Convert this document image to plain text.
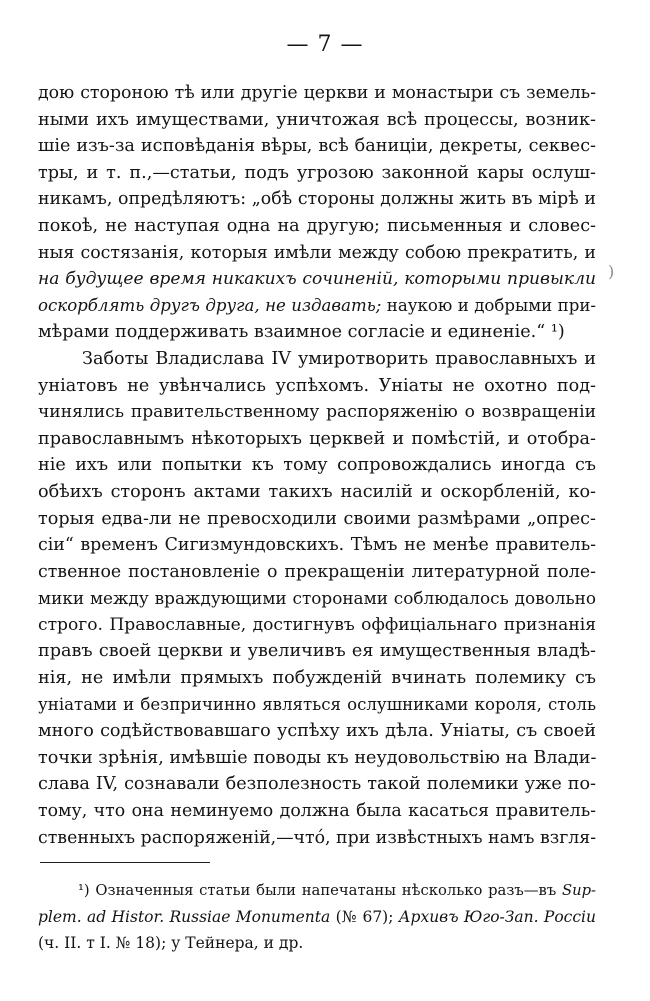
— 7 —
дою стороною тѣ или другіе церкви и монастыри съ земель-
ными ихъ имуществами, уничтожая всѣ процессы, возник-
шіе изъ-за исповѣданія вѣры, всѣ баниціи, декреты, секвес-
тры, и т. п.,—статьи, подъ угрозою законной кары ослуш-
никамъ, опредѣляютъ: „обѣ стороны должны жить въ мірѣ и
покоѣ, не наступая одна на другую; письменныя и словес-
ныя состязанія, которыя имѣли между собою прекратить, и
на будущее время никакихъ сочиненій, которыми привыкли
оскорблять другъ друга, не издавать; наукою и добрыми при-
мѣрами поддерживать взаимное согласіе и единеніе.“ ¹)
Заботы Владислава IV умиротворить православныхъ и
уніатовъ не увѣнчались успѣхомъ. Уніаты не охотно под-
чинялись правительственному распоряженію о возвращеніи
православнымъ нѣкоторыхъ церквей и помѣстій, и отобра-
ніе ихъ или попытки къ тому сопровождались иногда съ
обѣихъ сторонъ актами такихъ насилій и оскорбленій, ко-
торыя едва-ли не превосходили своими размѣрами „опрес-
сіи“ временъ Сигизмундовскихъ. Тѣмъ не менѣе правитель-
ственное постановленіе о прекращеніи литературной поле-
мики между враждующими сторонами соблюдалось довольно
строго. Православные, достигнувъ оффиціальнаго признанія
правъ своей церкви и увеличивъ ея имущественныя владѣ-
нія, не имѣли прямыхъ побужденій вчинать полемику съ
уніатами и безпричинно являться ослушниками короля, столь
много содѣйствовавшаго успѣху ихъ дѣла. Уніаты, съ своей
точки зрѣнія, имѣвшіе поводы къ неудовольствію на Влади-
слава IV, сознавали безполезность такой полемики уже по-
тому, что она неминуемо должна была касаться правитель-
ственныхъ распоряженій,—чтó, при извѣстныхъ намъ взгля-
)
¹) Означенныя статьи были напечатаны нѣсколько разъ—въ Sup-
plem. ad Histor. Russiae Monumenta (№ 67); Архивъ Юго-Зап. Россіи
(ч. II. т I. № 18); у Тейнера, и др.
